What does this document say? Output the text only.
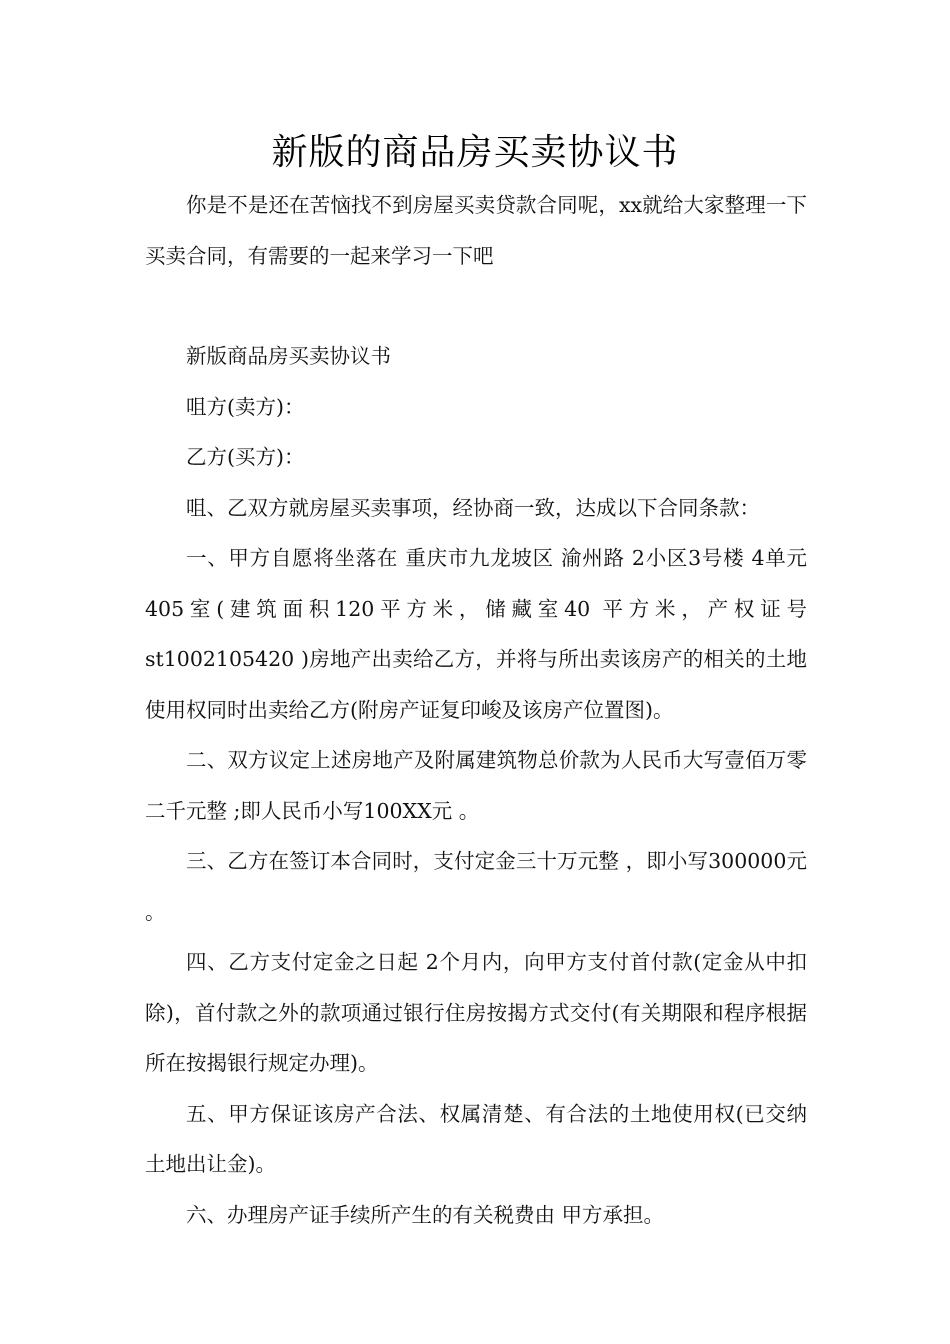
新版的商品房买卖协议书

你是不是还在苦恼找不到房屋买卖贷款合同呢，xx就给大家整理一下买卖合同，有需要的一起来学习一下吧

新版商品房买卖协议书

咀方(卖方)：

乙方(买方)：

咀、乙双方就房屋买卖事项，经协商一致，达成以下合同条款：

一、甲方自愿将坐落在 重庆市九龙坡区 渝州路 2小区3号楼 4单元 405室(建筑面积120平方米，储藏室40 平方米，产权证号 st1002105420 )房地产出卖给乙方，并将与所出卖该房产的相关的土地使用权同时出卖给乙方(附房产证复印峻及该房产位置图)。

二、双方议定上述房地产及附属建筑物总价款为人民币大写壹佰万零二千元整 ;即人民币小写100XX元 。

三、乙方在签订本合同时，支付定金三十万元整 ，即小写300000元 。

四、乙方支付定金之日起 2个月内，向甲方支付首付款(定金从中扣除)，首付款之外的款项通过银行住房按揭方式交付(有关期限和程序根据所在按揭银行规定办理)。

五、甲方保证该房产合法、权属清楚、有合法的土地使用权(已交纳土地出让金)。

六、办理房产证手续所产生的有关税费由 甲方承担。
